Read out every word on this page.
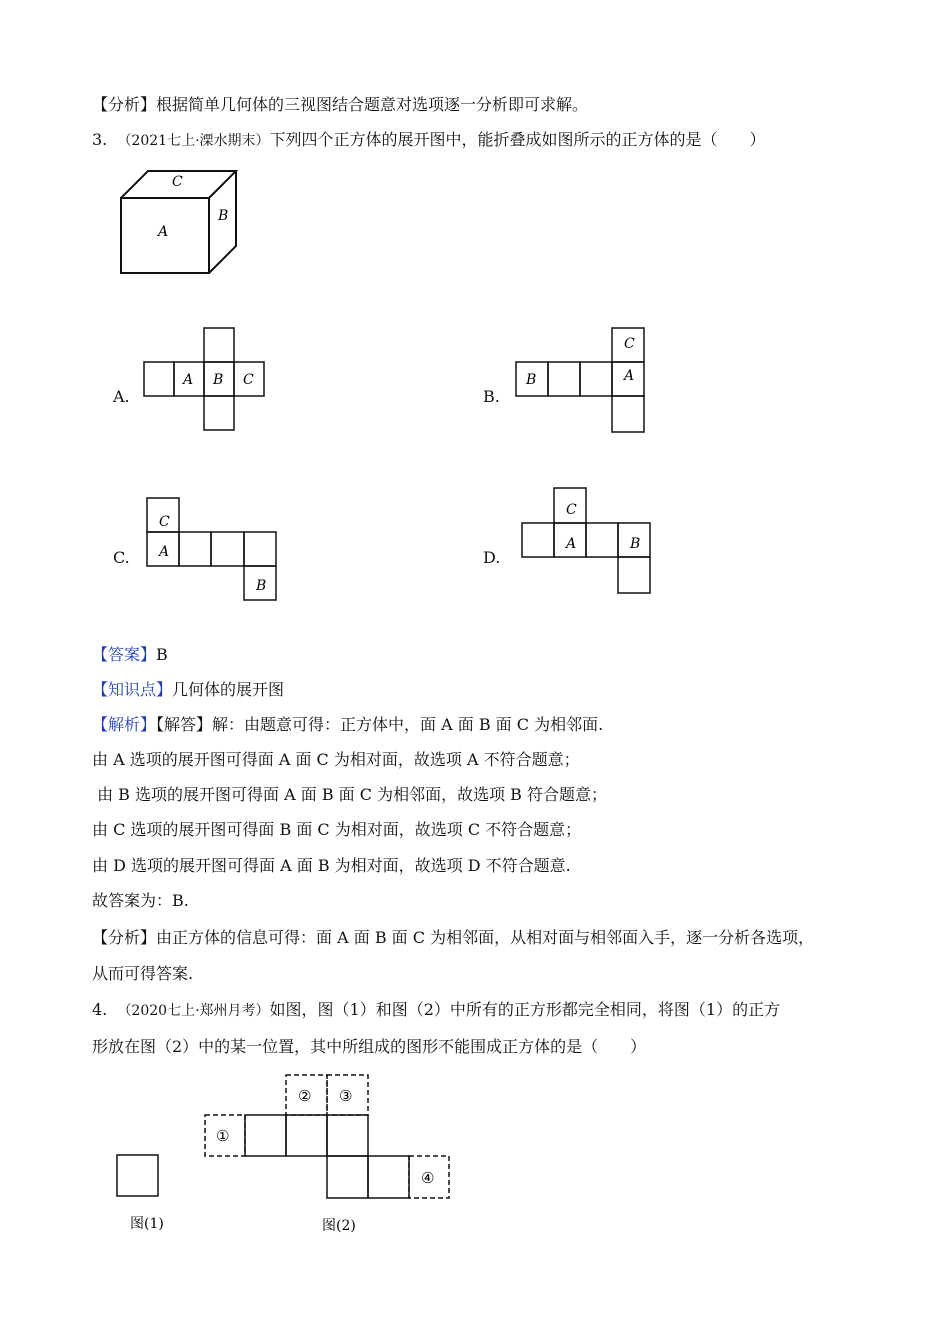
【分析】根据简单几何体的三视图结合题意对选项逐一分析即可求解。
3. （2021七上·溧水期末）下列四个正方体的展开图中，能折叠成如图所示的正方体的是（　　）
A
C
B
A.
A B C
B.
B
C
A
C.
C
A
B
D.
C
A	B
【答案】B
【知识点】几何体的展开图
【解析】【解答】解：由题意可得：正方体中，面 A 面 B 面 C 为相邻面.
由 A 选项的展开图可得面 A 面 C 为相对面，故选项 A 不符合题意；
由 B 选项的展开图可得面 A 面 B 面 C 为相邻面，故选项 B 符合题意；
由 C 选项的展开图可得面 B 面 C 为相对面，故选项 C 不符合题意；
由 D 选项的展开图可得面 A 面 B 为相对面，故选项 D 不符合题意.
故答案为：B.
【分析】由正方体的信息可得：面 A 面 B 面 C 为相邻面，从相对面与相邻面入手，逐一分析各选项，
从而可得答案.
4. （2020七上·郑州月考）如图，图（1）和图（2）中所有的正方形都完全相同，将图（1）的正方
形放在图（2）中的某一位置，其中所组成的图形不能围成正方体的是（　　）
图(1)
①
② ③
④
图(2)
